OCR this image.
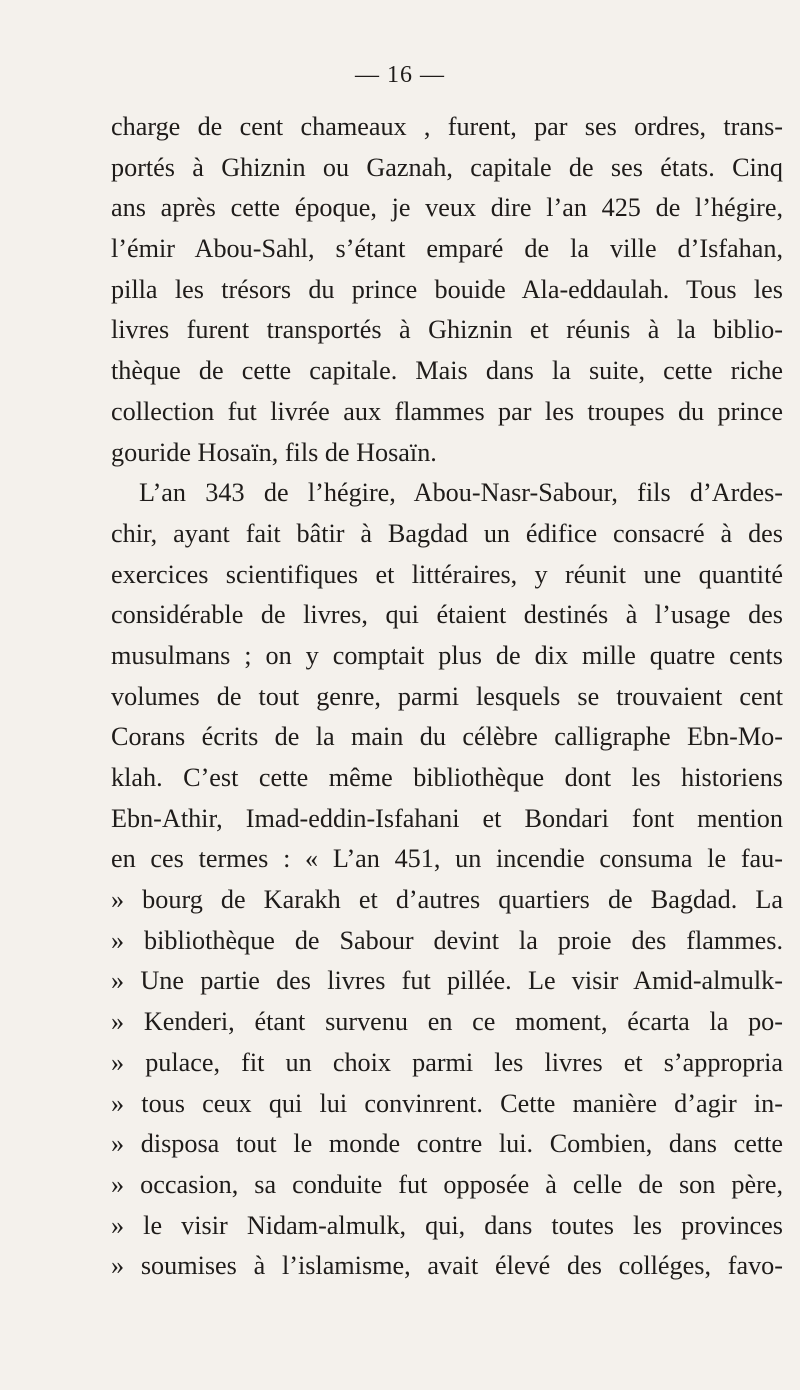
— 16 —
charge de cent chameaux , furent, par ses ordres, trans-
portés à Ghiznin ou Gaznah, capitale de ses états. Cinq
ans après cette époque, je veux dire l’an 425 de l’hégire,
l’émir Abou-Sahl, s’étant emparé de la ville d’Isfahan,
pilla les trésors du prince bouide Ala-eddaulah. Tous les
livres furent transportés à Ghiznin et réunis à la biblio-
thèque de cette capitale. Mais dans la suite, cette riche
collection fut livrée aux flammes par les troupes du prince
gouride Hosaïn, fils de Hosaïn.
L’an 343 de l’hégire, Abou-Nasr-Sabour, fils d’Ardes-
chir, ayant fait bâtir à Bagdad un édifice consacré à des
exercices scientifiques et littéraires, y réunit une quantité
considérable de livres, qui étaient destinés à l’usage des
musulmans ; on y comptait plus de dix mille quatre cents
volumes de tout genre, parmi lesquels se trouvaient cent
Corans écrits de la main du célèbre calligraphe Ebn-Mo-
klah. C’est cette même bibliothèque dont les historiens
Ebn-Athir, Imad-eddin-Isfahani et Bondari font mention
en ces termes : « L’an 451, un incendie consuma le fau-
» bourg de Karakh et d’autres quartiers de Bagdad. La
» bibliothèque de Sabour devint la proie des flammes.
» Une partie des livres fut pillée. Le visir Amid-almulk-
» Kenderi, étant survenu en ce moment, écarta la po-
» pulace, fit un choix parmi les livres et s’appropria
» tous ceux qui lui convinrent. Cette manière d’agir in-
» disposa tout le monde contre lui. Combien, dans cette
» occasion, sa conduite fut opposée à celle de son père,
» le visir Nidam-almulk, qui, dans toutes les provinces
» soumises à l’islamisme, avait élevé des colléges, favo-
